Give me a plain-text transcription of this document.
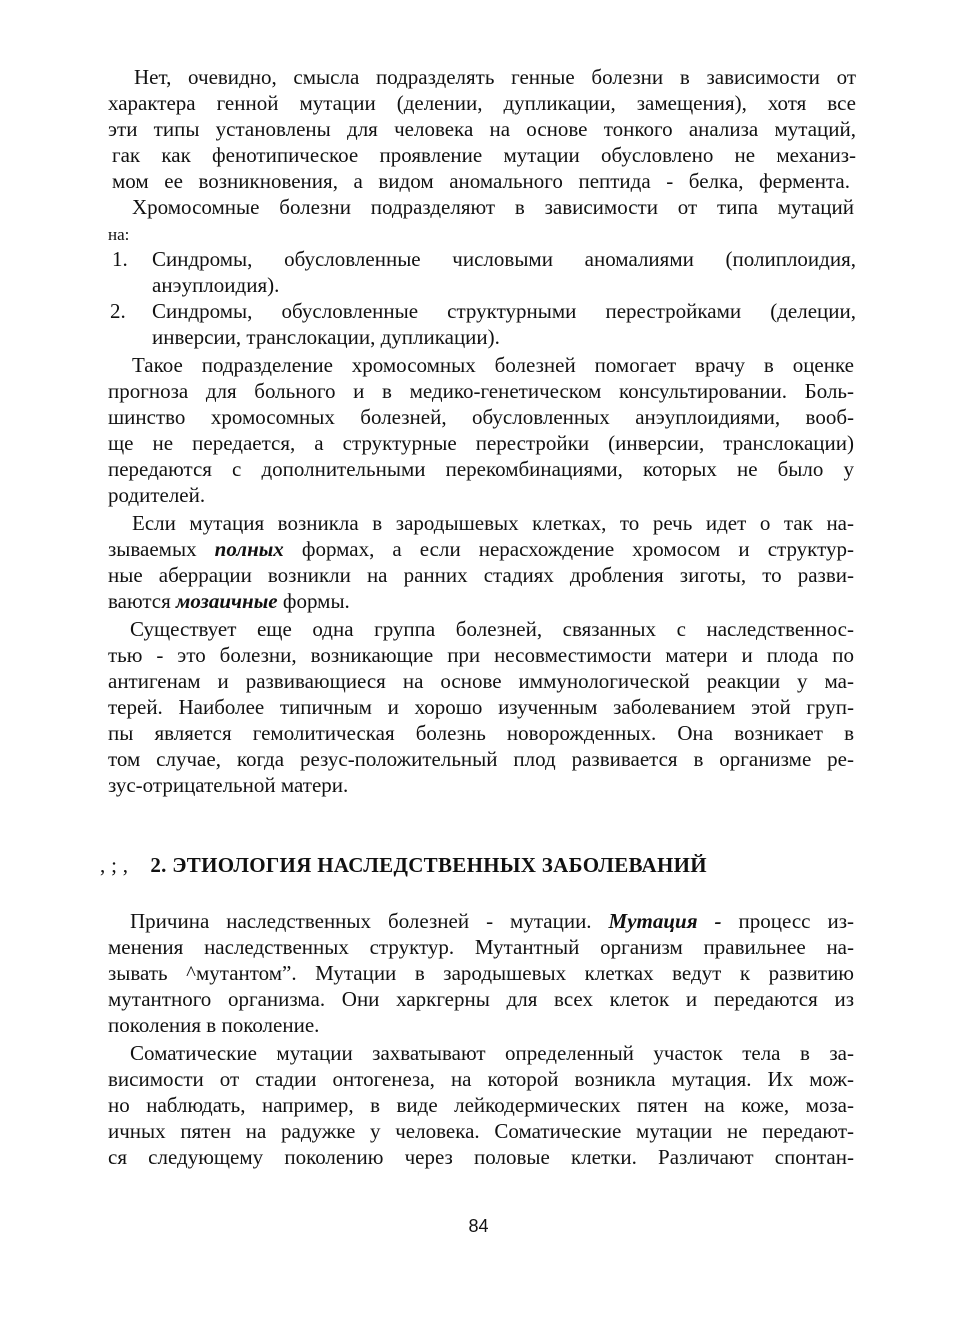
Нет, очевидно, смысла подразделять генные болезни в зависимости от
характера генной мутации (делении, дупликации, замещения), хотя все
эти типы установлены для человека на основе тонкого анализа мутаций,
гак как фенотипическое проявление мутации обусловлено не механиз-
мом ее возникновения, а видом аномального пептида - белка, фермента.
Хромосомные болезни подразделяют в зависимости от типа мутаций
на:
1. Синдромы, обусловленные числовыми аномалиями (полиплоидия,
анэуплоидия).
2. Синдромы, обусловленные структурными перестройками (делеции,
инверсии, транслокации, дупликации).
Такое подразделение хромосомных болезней помогает врачу в оценке
прогноза для больного и в медико-генетическом консультировании. Боль-
шинство хромосомных болезней, обусловленных анэуплоидиями, вооб-
ще не передается, а структурные перестройки (инверсии, транслокации)
передаются с дополнительными перекомбинациями, которых не было у
родителей.
Если мутация возникла в зародышевых клетках, то речь идет о так на-
зываемых полных формах, а если нерасхождение хромосом и структур-
ные аберрации возникли на ранних стадиях дробления зиготы, то разви-
ваются мозаичные формы.
Существует еще одна группа болезней, связанных с наследственнос-
тью - это болезни, возникающие при несовместимости матери и плода по
антигенам и развивающиеся на основе иммунологической реакции у ма-
терей. Наиболее типичным и хорошо изученным заболеванием этой груп-
пы является гемолитическая болезнь новорожденных. Она возникает в
том случае, когда резус-положительный плод развивается в организме ре-
зус-отрицательной матери.
, ; , 2. ЭТИОЛОГИЯ НАСЛЕДСТВЕННЫХ ЗАБОЛЕВАНИЙ
Причина наследственных болезней - мутации. Мутация - процесс из-
менения наследственных структур. Мутантный организм правильнее на-
зывать ^мутантом”. Мутации в зародышевых клетках ведут к развитию
мутантного организма. Они харкгерны для всех клеток и передаются из
поколения в поколение.
Соматические мутации захватывают определенный участок тела в за-
висимости от стадии онтогенеза, на которой возникла мутация. Их мож-
но наблюдать, например, в виде лейкодермических пятен на коже, моза-
ичных пятен на радужке у человека. Соматические мутации не передают-
ся следующему поколению через половые клетки. Различают спонтан-
84
